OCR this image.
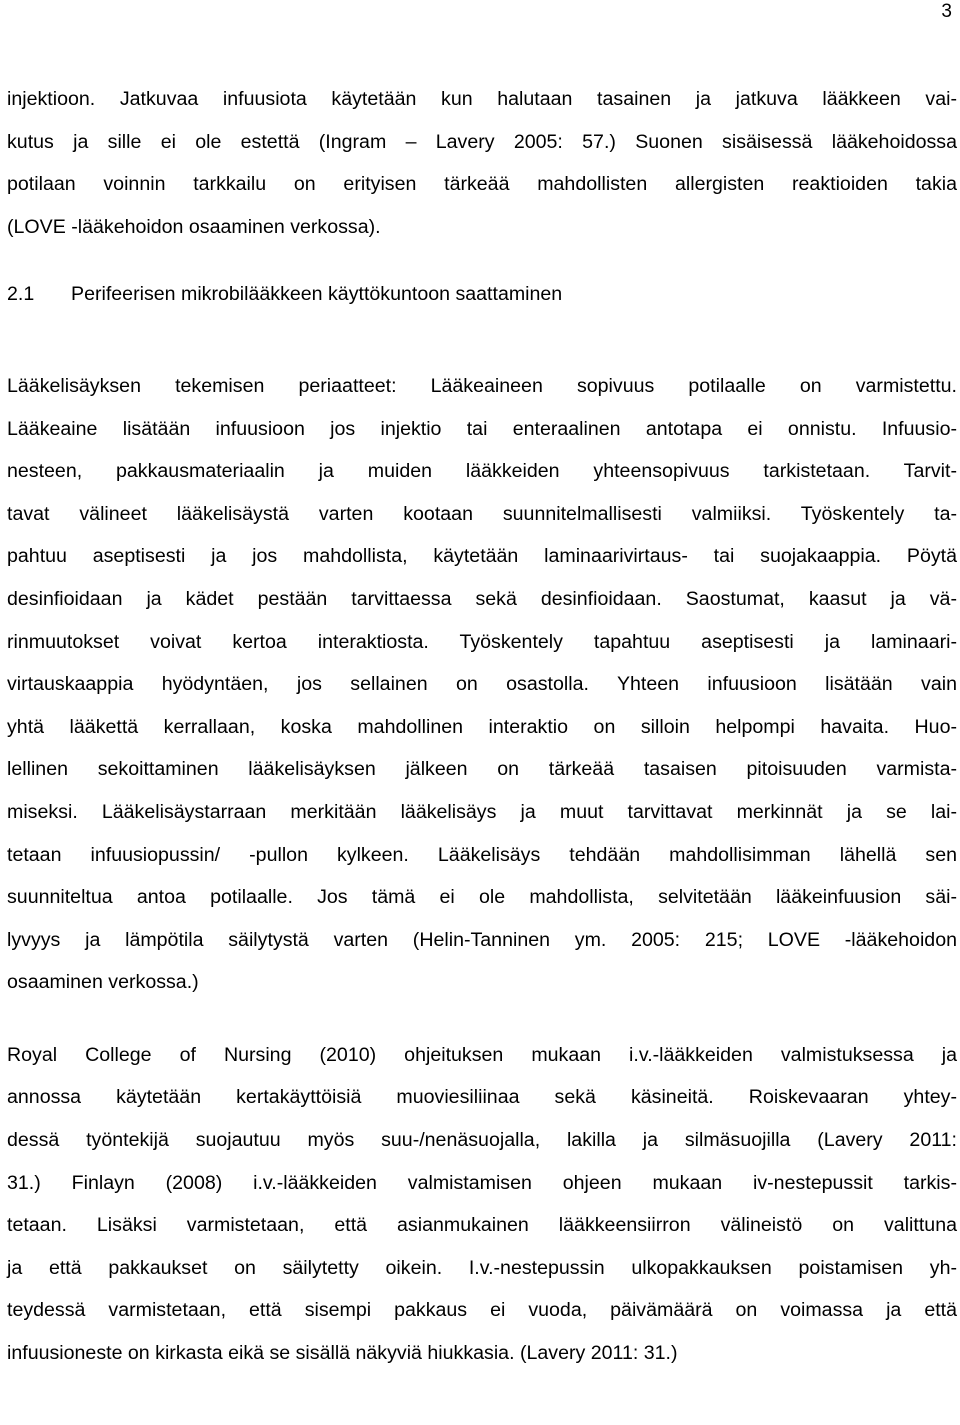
3
injektioon. Jatkuvaa infuusiota käytetään kun halutaan tasainen ja jatkuva lääkkeen vai-
kutus ja sille ei ole estettä (Ingram – Lavery 2005: 57.) Suonen sisäisessä lääkehoidossa
potilaan voinnin tarkkailu on erityisen tärkeää mahdollisten allergisten reaktioiden takia
(LOVE -lääkehoidon osaaminen verkossa).
2.1 Perifeerisen mikrobilääkkeen käyttökuntoon saattaminen
Lääkelisäyksen tekemisen periaatteet: Lääkeaineen sopivuus potilaalle on varmistettu.
Lääkeaine lisätään infuusioon jos injektio tai enteraalinen antotapa ei onnistu. Infuusio-
nesteen, pakkausmateriaalin ja muiden lääkkeiden yhteensopivuus tarkistetaan. Tarvit-
tavat välineet lääkelisäystä varten kootaan suunnitelmallisesti valmiiksi. Työskentely ta-
pahtuu aseptisesti ja jos mahdollista, käytetään laminaarivirtaus- tai suojakaappia. Pöytä
desinfioidaan ja kädet pestään tarvittaessa sekä desinfioidaan. Saostumat, kaasut ja vä-
rinmuutokset voivat kertoa interaktiosta. Työskentely tapahtuu aseptisesti ja laminaari-
virtauskaappia hyödyntäen, jos sellainen on osastolla. Yhteen infuusioon lisätään vain
yhtä lääkettä kerrallaan, koska mahdollinen interaktio on silloin helpompi havaita. Huo-
lellinen sekoittaminen lääkelisäyksen jälkeen on tärkeää tasaisen pitoisuuden varmista-
miseksi. Lääkelisäystarraan merkitään lääkelisäys ja muut tarvittavat merkinnät ja se lai-
tetaan infuusiopussin/ -pullon kylkeen. Lääkelisäys tehdään mahdollisimman lähellä sen
suunniteltua antoa potilaalle. Jos tämä ei ole mahdollista, selvitetään lääkeinfuusion säi-
lyvyys ja lämpötila säilytystä varten (Helin-Tanninen ym. 2005: 215; LOVE -lääkehoidon
osaaminen verkossa.)
Royal College of Nursing (2010) ohjeituksen mukaan i.v.-lääkkeiden valmistuksessa ja
annossa käytetään kertakäyttöisiä muoviesiliinaa sekä käsineitä. Roiskevaaran yhtey-
dessä työntekijä suojautuu myös suu-/nenäsuojalla, lakilla ja silmäsuojilla (Lavery 2011:
31.) Finlayn (2008) i.v.-lääkkeiden valmistamisen ohjeen mukaan iv-nestepussit tarkis-
tetaan. Lisäksi varmistetaan, että asianmukainen lääkkeensiirron välineistö on valittuna
ja että pakkaukset on säilytetty oikein. I.v.-nestepussin ulkopakkauksen poistamisen yh-
teydessä varmistetaan, että sisempi pakkaus ei vuoda, päivämäärä on voimassa ja että
infuusioneste on kirkasta eikä se sisällä näkyviä hiukkasia. (Lavery 2011: 31.)
